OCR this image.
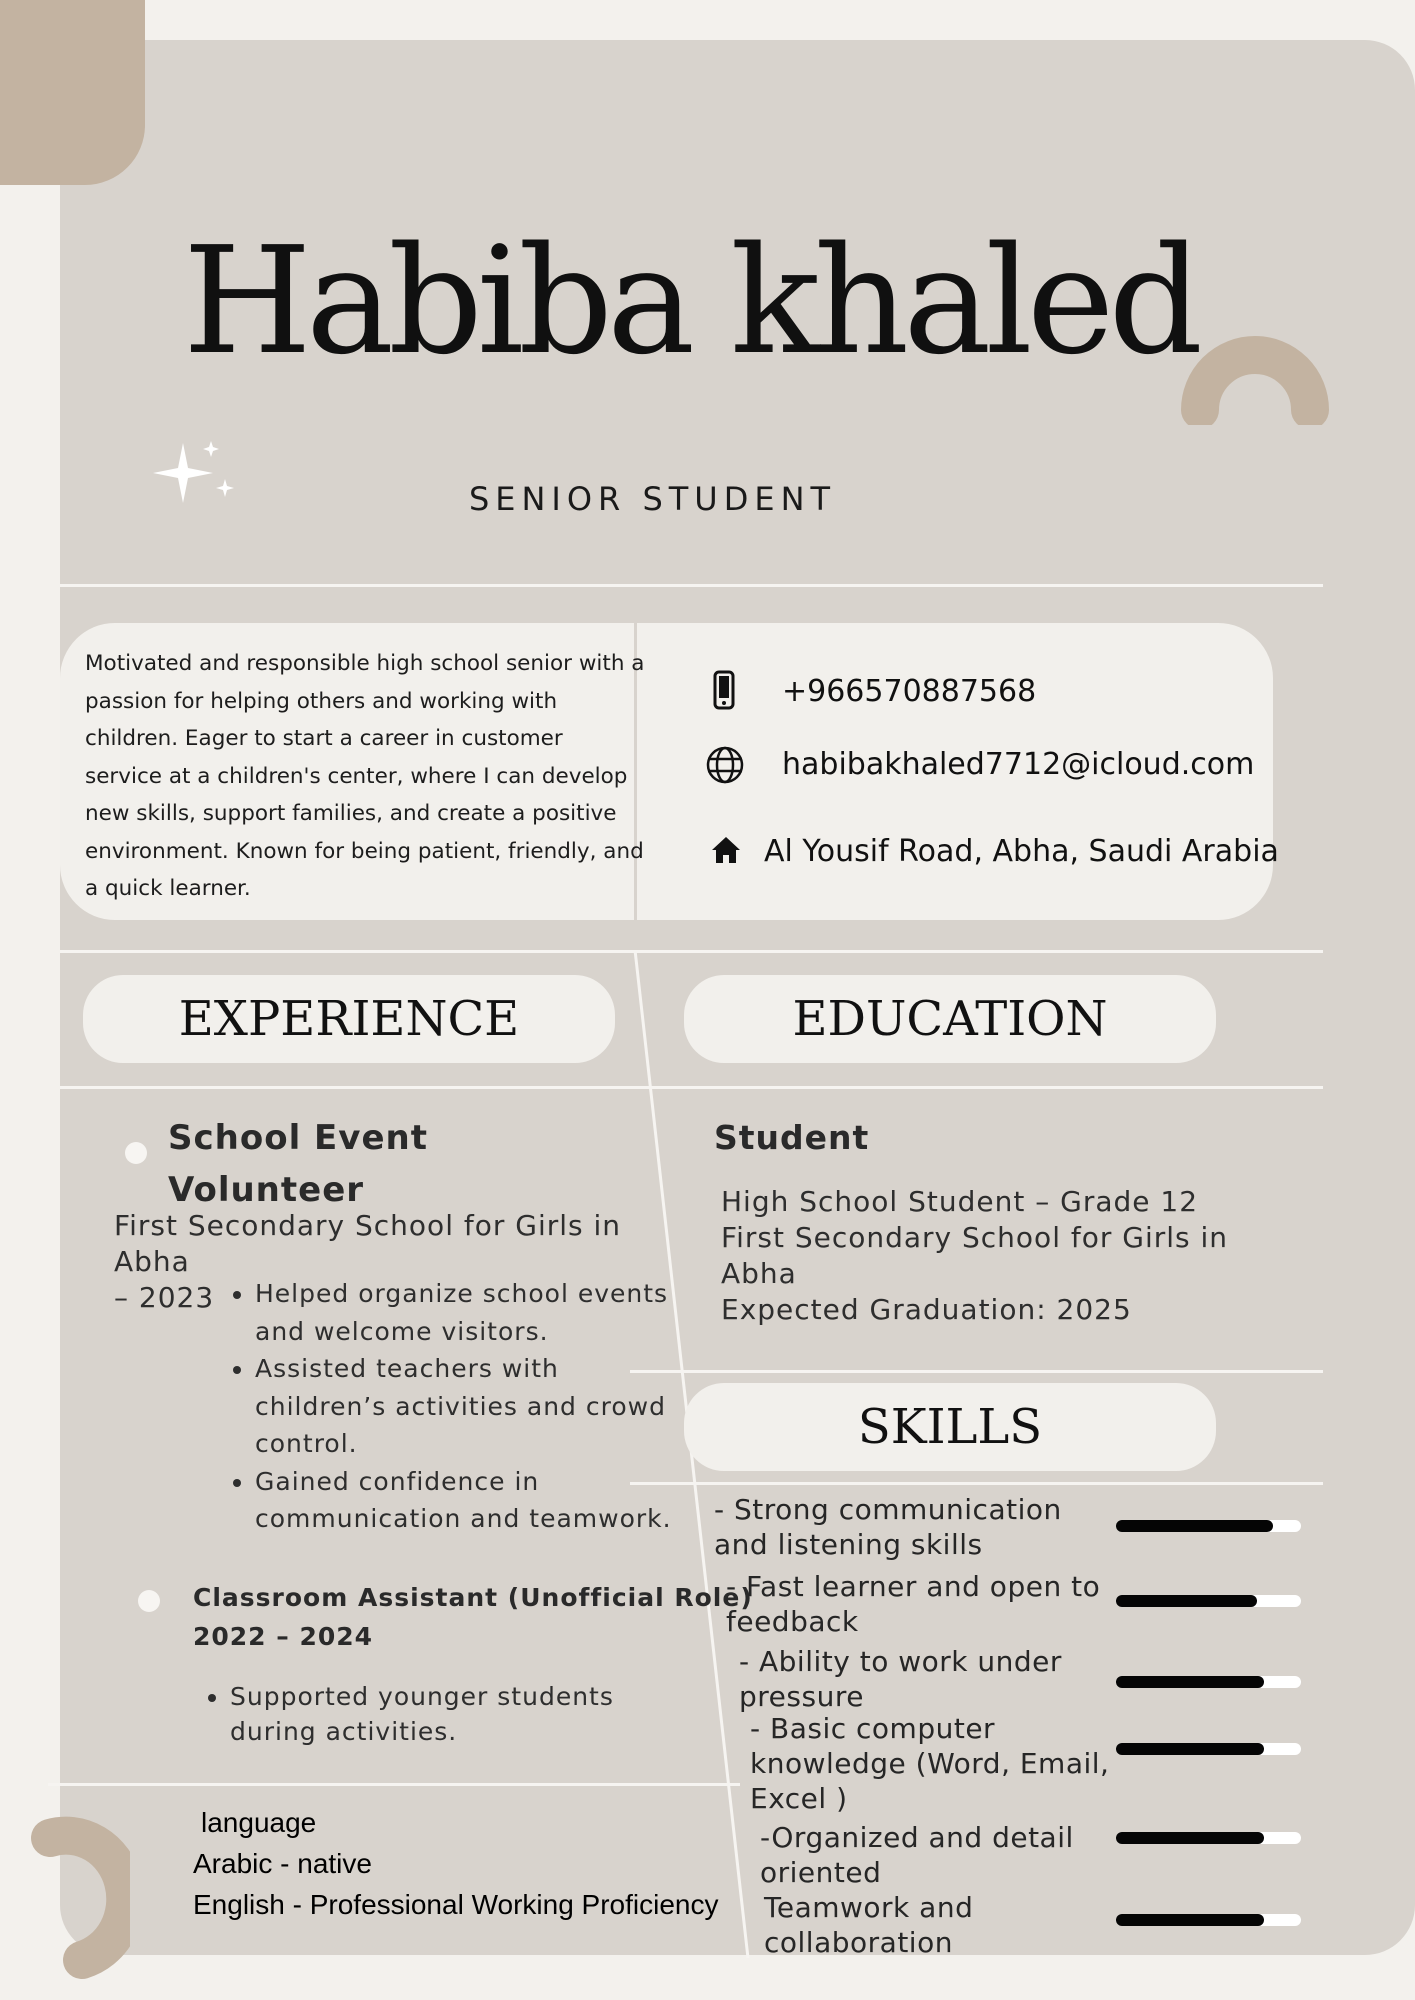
Habiba khaled
SENIOR STUDENT
Motivated and responsible high school senior with a passion for helping others and working with children. Eager to start a career in customer service at a children's center, where I can develop new skills, support families, and create a positive environment. Known for being patient, friendly, and a quick learner.
+966570887568
habibakhaled7712@icloud.com
Al Yousif Road, Abha, Saudi Arabia
EXPERIENCE	EDUCATION
SKILLS
School Event
Volunteer
First Secondary School for Girls in Abha
– 2023
•	Helped organize school events and welcome visitors.
• Assisted teachers with children’s activities and crowd control.
• Gained confidence in communication and teamwork.
Classroom Assistant (Unofficial Role)
2022 – 2024
• Supported younger students during activities.
Student
High School Student – Grade 12
First Secondary School for Girls in
Abha
Expected Graduation: 2025
- Strong communication
and listening skills
- Fast learner and open to
feedback
- Ability to work under
pressure
- Basic computer
knowledge (Word, Email,
Excel )
-Organized and detail
oriented
Teamwork and
collaboration
language
Arabic - native
English - Professional Working Proficiency
